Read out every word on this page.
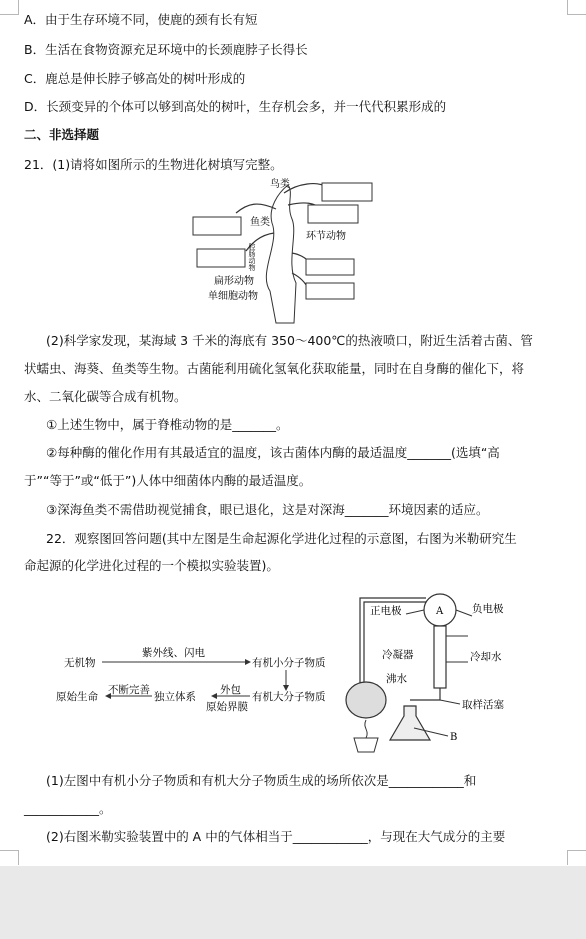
A．由于生存环境不同，使鹿的颈有长有短
B．生活在食物资源充足环境中的长颈鹿脖子长得长
C．鹿总是伸长脖子够高处的树叶形成的
D．长颈变异的个体可以够到高处的树叶，生存机会多，并一代代积累形成的
二、非选择题
21．(1)请将如图所示的生物进化树填写完整。
鸟类
鱼类
腔肠动物
环节动物
扁形动物
单细胞动物
(2)科学家发现，某海域 3 千米的海底有 350～400℃的热液喷口，附近生活着古菌、管
状蠕虫、海葵、鱼类等生物。古菌能利用硫化氢氧化获取能量，同时在自身酶的催化下，将
水、二氧化碳等合成有机物。
①上述生物中，属于脊椎动物的是_______。
②每种酶的催化作用有其最适宜的温度，该古菌体内酶的最适温度_______(选填“高
于”“等于”或“低于”)人体中细菌体内酶的最适温度。
③深海鱼类不需借助视觉捕食，眼已退化，这是对深海_______环境因素的适应。
22．观察图回答问题(其中左图是生命起源化学进化过程的示意图，右图为米勒研究生
命起源的化学进化过程的一个模拟实验装置)。
无机物
紫外线、闪电
有机小分子物质
有机大分子物质
外包
原始界膜
独立体系
不断完善
原始生命
A
正电极	负电极
冷凝器	冷却水
沸水
B
取样活塞
(1)左图中有机小分子物质和有机大分子物质生成的场所依次是____________和
____________。
(2)右图米勒实验装置中的 A 中的气体相当于____________，与现在大气成分的主要
